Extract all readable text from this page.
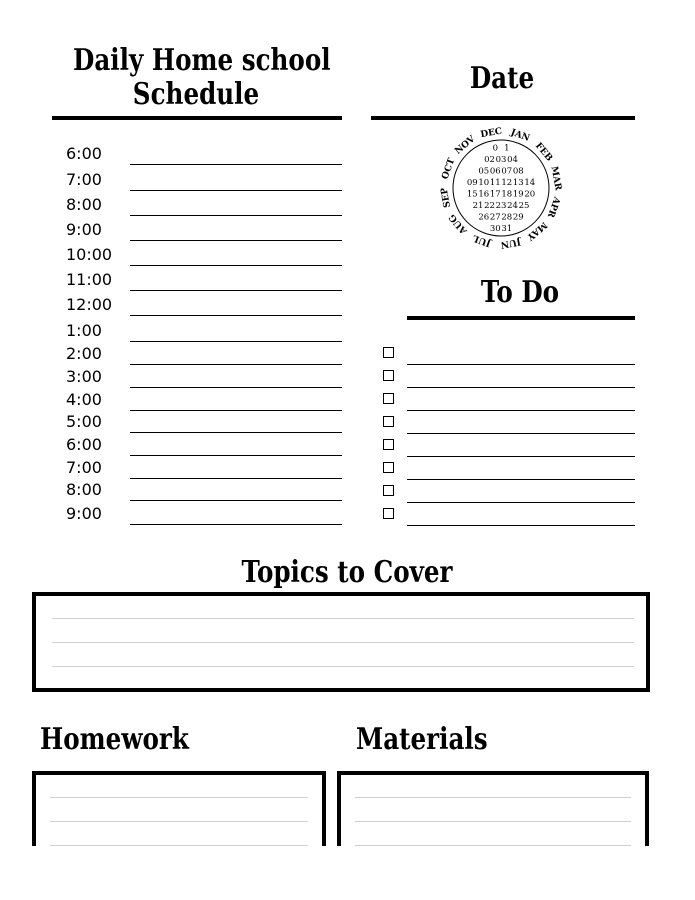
Daily Home school
Schedule	Date
JAN
FEB
MAR
APR
MAY
JUN
JUL
AUG
SEP
OCT
NOV
DEC
0 1
02 03 04
05 06 07 08
09 10 11 12 13 14
15 16 17 18 19 20
21 22 23 24 25
26 27 28 29
30 31
To Do
6:00
7:00
8:00
9:00
10:00
11:00
12:00
1:00
2:00
3:00
4:00
5:00
6:00
7:00
8:00
9:00
Topics to Cover
Homework	Materials
